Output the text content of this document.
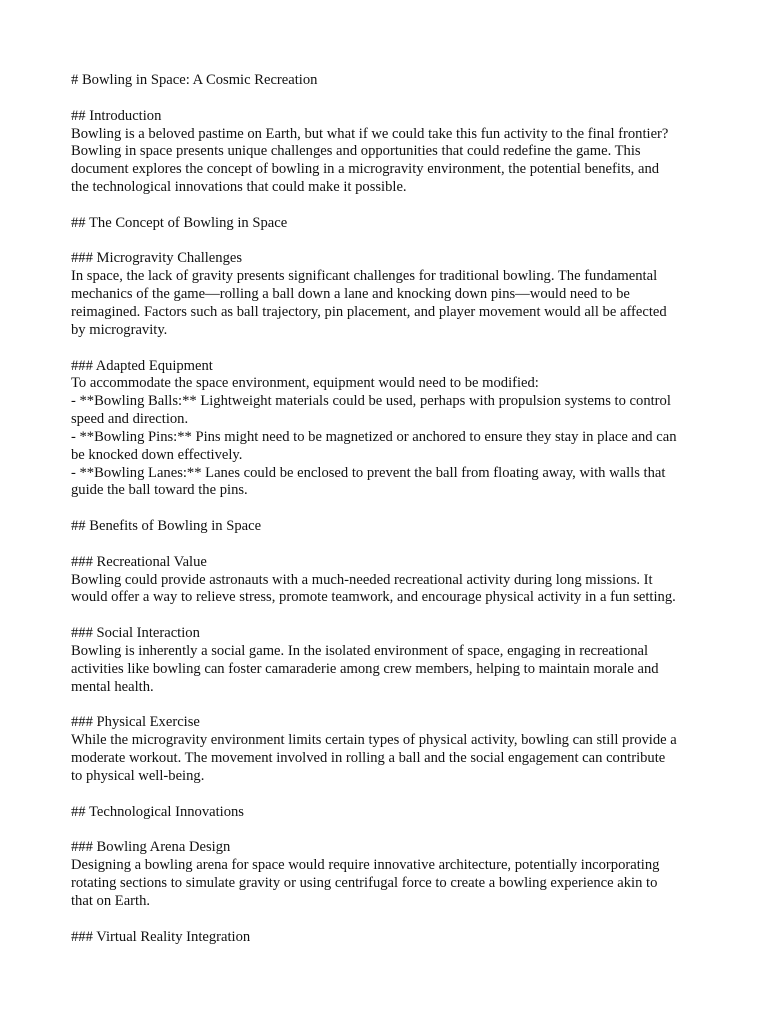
# Bowling in Space: A Cosmic Recreation
## Introduction
Bowling is a beloved pastime on Earth, but what if we could take this fun activity to the final frontier?
Bowling in space presents unique challenges and opportunities that could redefine the game. This
document explores the concept of bowling in a microgravity environment, the potential benefits, and
the technological innovations that could make it possible.
## The Concept of Bowling in Space
### Microgravity Challenges
In space, the lack of gravity presents significant challenges for traditional bowling. The fundamental
mechanics of the game—rolling a ball down a lane and knocking down pins—would need to be
reimagined. Factors such as ball trajectory, pin placement, and player movement would all be affected
by microgravity.
### Adapted Equipment
To accommodate the space environment, equipment would need to be modified:
- **Bowling Balls:** Lightweight materials could be used, perhaps with propulsion systems to control
speed and direction.
- **Bowling Pins:** Pins might need to be magnetized or anchored to ensure they stay in place and can
be knocked down effectively.
- **Bowling Lanes:** Lanes could be enclosed to prevent the ball from floating away, with walls that
guide the ball toward the pins.
## Benefits of Bowling in Space
### Recreational Value
Bowling could provide astronauts with a much-needed recreational activity during long missions. It
would offer a way to relieve stress, promote teamwork, and encourage physical activity in a fun setting.
### Social Interaction
Bowling is inherently a social game. In the isolated environment of space, engaging in recreational
activities like bowling can foster camaraderie among crew members, helping to maintain morale and
mental health.
### Physical Exercise
While the microgravity environment limits certain types of physical activity, bowling can still provide a
moderate workout. The movement involved in rolling a ball and the social engagement can contribute
to physical well-being.
## Technological Innovations
### Bowling Arena Design
Designing a bowling arena for space would require innovative architecture, potentially incorporating
rotating sections to simulate gravity or using centrifugal force to create a bowling experience akin to
that on Earth.
### Virtual Reality Integration
